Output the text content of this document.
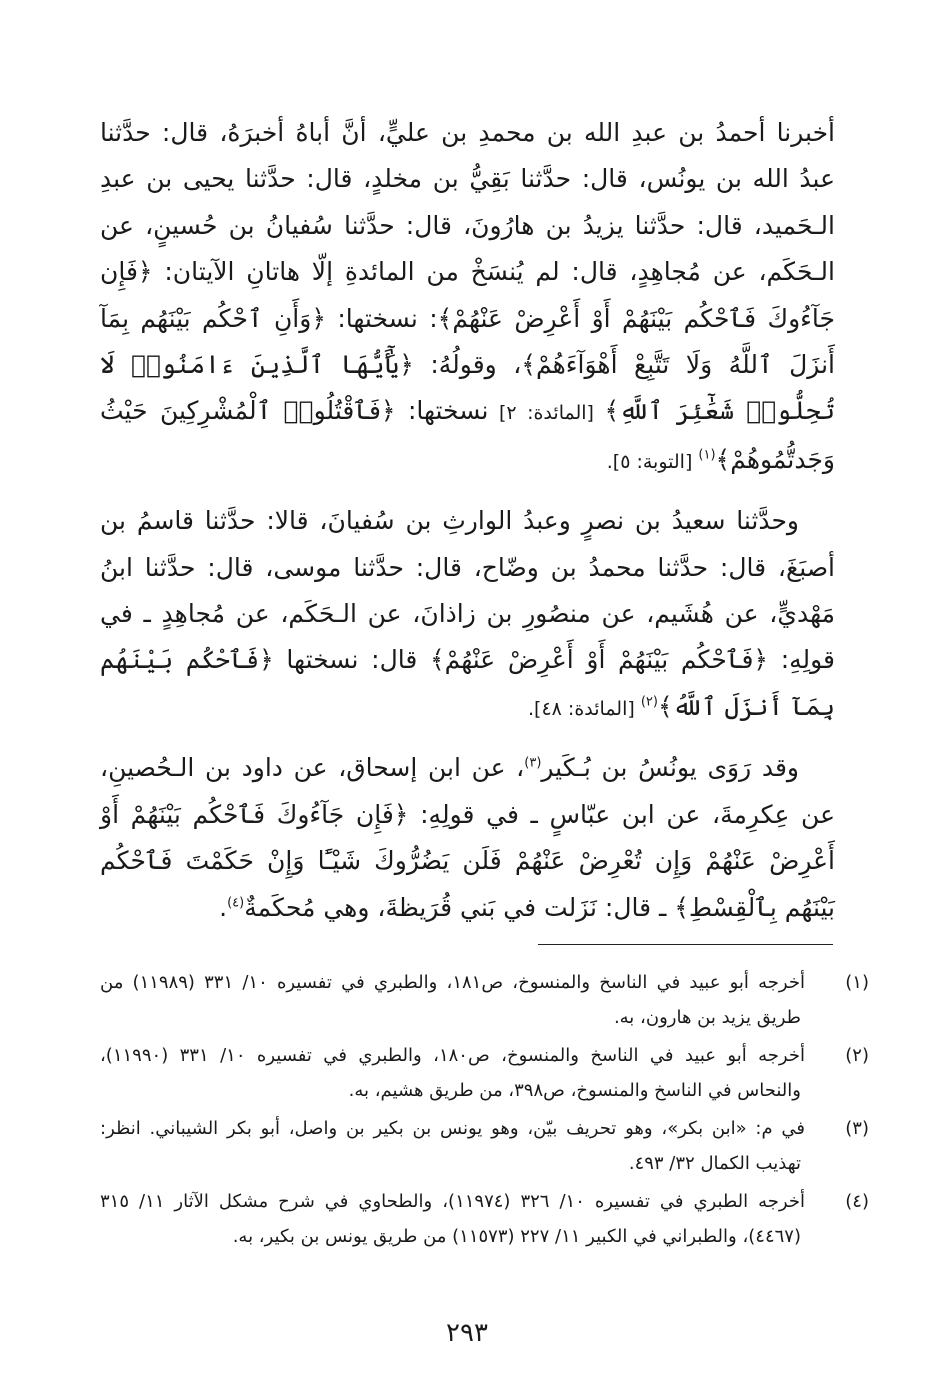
أخبرنا أحمدُ بن عبدِ الله بن محمدِ بن عليٍّ، أنَّ أباهُ أخبرَهُ، قال: حدَّثنا عبدُ الله بن يونُس، قال: حدَّثنا بَقِيُّ بن مخلدٍ، قال: حدَّثنا يحيى بن عبدِ الـحَميد، قال: حدَّثنا يزيدُ بن هارُونَ، قال: حدَّثنا سُفيانُ بن حُسينٍ، عن الـحَكَم، عن مُجاهِدٍ، قال: لم يُنسَخْ من المائدةِ إلّا هاتانِ الآيتان: ﴿فَإِن جَآءُوكَ فَٱحْكُم بَيْنَهُمْ أَوْ أَعْرِضْ عَنْهُمْ﴾: نسختها: ﴿وَأَنِ ٱحْكُم بَيْنَهُم بِمَآ أَنزَلَ ٱللَّهُ وَلَا تَتَّبِعْ أَهْوَآءَهُمْ﴾، وقولُهُ: ﴿يَٰٓأَيُّهَا ٱلَّذِينَ ءَامَنُوا۟ لَا تُحِلُّوا۟ شَعَٰٓئِرَ ٱللَّهِ﴾ [المائدة: ٢] نسختها: ﴿فَٱقْتُلُوا۟ ٱلْمُشْرِكِينَ حَيْثُ وَجَدتُّمُوهُمْ﴾$^{(١)}$ [التوبة: ٥].

وحدَّثنا سعيدُ بن نصرٍ وعبدُ الوارثِ بن سُفيانَ، قالا: حدَّثنا قاسمُ بن أصبَغَ، قال: حدَّثنا محمدُ بن وضّاح، قال: حدَّثنا موسى، قال: حدَّثنا ابنُ مَهْديٍّ، عن هُشَيم، عن منصُورِ بن زاذانَ، عن الـحَكَم، عن مُجاهِدٍ ـ في قولِهِ: ﴿فَٱحْكُم بَيْنَهُمْ أَوْ أَعْرِضْ عَنْهُمْ﴾ قال: نسختها ﴿فَٱحْكُم بَيْنَهُم بِمَآ أَنزَلَ ٱللَّهُ﴾$^{(٢)}$ [المائدة: ٤٨].

وقد رَوَى يونُسُ بن بُـكَير$^{(٣)}$، عن ابن إسحاق، عن داود بن الـحُصينِ، عن عِكرِمةَ، عن ابن عبّاسٍ ـ في قولِهِ: ﴿فَإِن جَآءُوكَ فَٱحْكُم بَيْنَهُمْ أَوْ أَعْرِضْ عَنْهُمْ وَإِن تُعْرِضْ عَنْهُمْ فَلَن يَضُرُّوكَ شَيْـًٔا وَإِنْ حَكَمْتَ فَٱحْكُم بَيْنَهُم بِٱلْقِسْطِ﴾ ـ قال: نَزَلت في بَني قُرَيظةَ، وهي مُحكَمةٌ$^{(٤)}$.

(١)أخرجه أبو عبيد في الناسخ والمنسوخ، ص١٨١، والطبري في تفسيره ١٠/ ٣٣١ (١١٩٨٩) من طريق يزيد بن هارون، به.

(٢)أخرجه أبو عبيد في الناسخ والمنسوخ، ص١٨٠، والطبري في تفسيره ١٠/ ٣٣١ (١١٩٩٠)، والنحاس في الناسخ والمنسوخ، ص٣٩٨، من طريق هشيم، به.

(٣)في م: «ابن بكر»، وهو تحريف بيّن، وهو يونس بن بكير بن واصل، أبو بكر الشيباني. انظر: تهذيب الكمال ٣٢/ ٤٩٣.

(٤)أخرجه الطبري في تفسيره ١٠/ ٣٢٦ (١١٩٧٤)، والطحاوي في شرح مشكل الآثار ١١/ ٣١٥ (٤٤٦٧)، والطبراني في الكبير ١١/ ٢٢٧ (١١٥٧٣) من طريق يونس بن بكير، به.

٢٩٣
